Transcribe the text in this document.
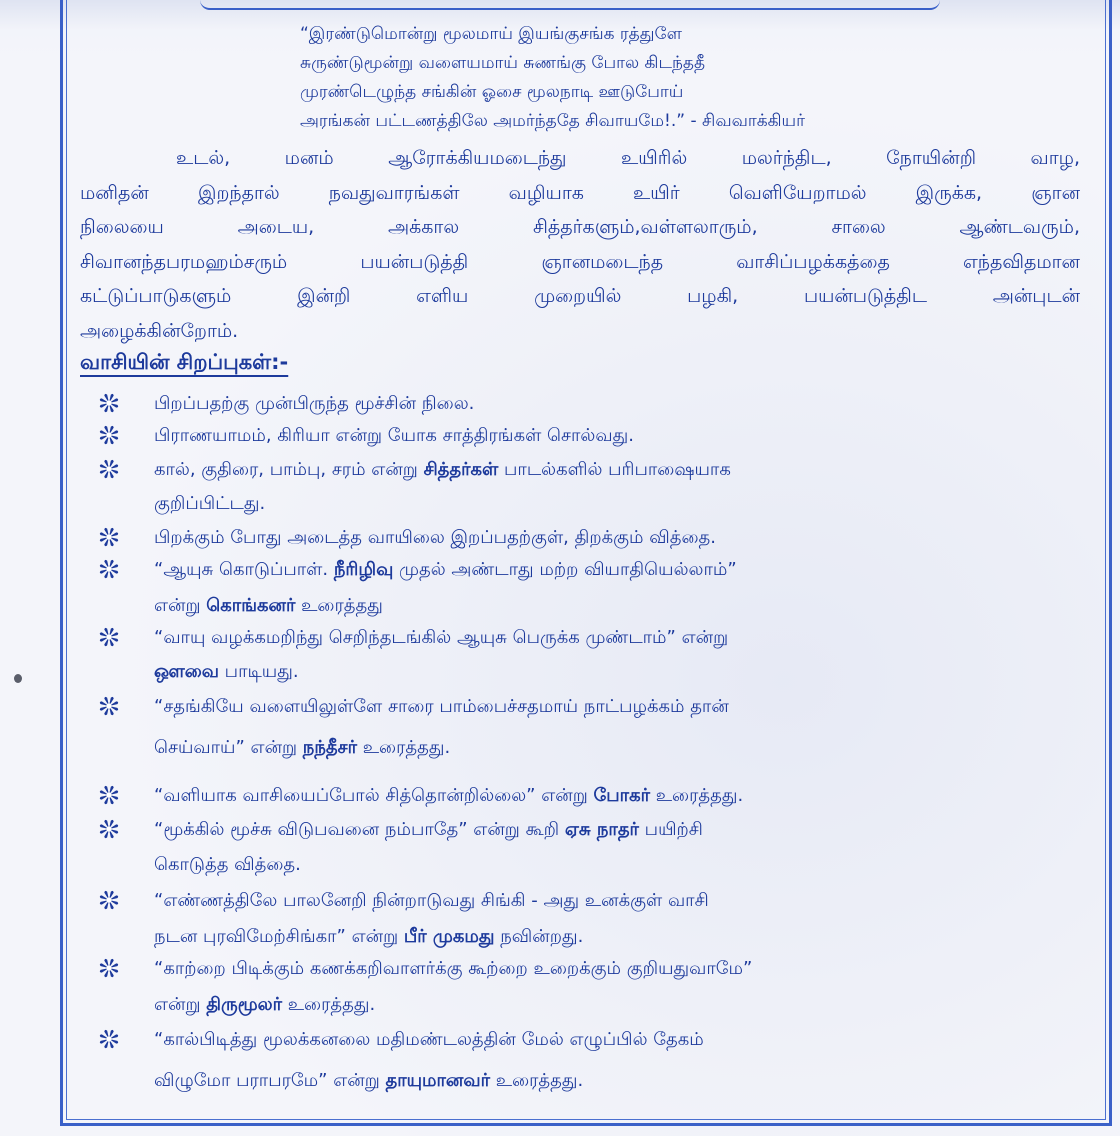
“இரண்டுமொன்று மூலமாய் இயங்குசங்க ரத்துளே
சுருண்டுமூன்று வளையமாய் சுணங்கு போல கிடந்ததீ
முரண்டெழுந்த சங்கின் ஓசை மூலநாடி ஊடுபோய்
அரங்கன் பட்டணத்திலே அமர்ந்ததே சிவாயமே!.” - சிவவாக்கியர்
உடல், மனம் ஆரோக்கியமடைந்து உயிரில் மலர்ந்திட, நோயின்றி வாழ,
மனிதன் இறந்தால் நவதுவாரங்கள் வழியாக உயிர் வெளியேறாமல் இருக்க, ஞான
நிலையை அடைய, அக்கால சித்தர்களும்,வள்ளலாரும், சாலை ஆண்டவரும்,
சிவானந்தபரமஹம்சரும் பயன்படுத்தி ஞானமடைந்த வாசிப்பழக்கத்தை எந்தவிதமான
கட்டுப்பாடுகளும் இன்றி எளிய முறையில் பழகி, பயன்படுத்திட அன்புடன்
அழைக்கின்றோம்.
வாசியின் சிறப்புகள்:-
பிறப்பதற்கு முன்பிருந்த மூச்சின் நிலை.
பிராணயாமம், கிரியா என்று யோக சாத்திரங்கள் சொல்வது.
கால், குதிரை, பாம்பு, சரம் என்று சித்தர்கள் பாடல்களில் பரிபாஷையாக
குறிப்பிட்டது.
பிறக்கும் போது அடைத்த வாயிலை இறப்பதற்குள், திறக்கும் வித்தை.
“ஆயுசு கொடுப்பாள். நீரிழிவு முதல் அண்டாது மற்ற வியாதியெல்லாம்”
என்று கொங்கனர் உரைத்தது
“வாயு வழக்கமறிந்து செறிந்தடங்கில் ஆயுசு பெருக்க முண்டாம்” என்று
ஔவை பாடியது.
“சதங்கியே வளையிலுள்ளே சாரை பாம்பைச்சதமாய் நாட்பழக்கம் தான்
செய்வாய்” என்று நந்தீசர் உரைத்தது.
“வளியாக வாசியைப்போல் சித்தொன்றில்லை” என்று போகர் உரைத்தது.
“மூக்கில் மூச்சு விடுபவனை நம்பாதே” என்று கூறி ஏசு நாதர் பயிற்சி
கொடுத்த வித்தை.
“எண்ணத்திலே பாலனேறி நின்றாடுவது சிங்கி - அது உனக்குள் வாசி
நடன புரவிமேற்சிங்கா” என்று பீர் முகமது நவின்றது.
“காற்றை பிடிக்கும் கணக்கறிவாளர்க்கு கூற்றை உறைக்கும் குறியதுவாமே”
என்று திருமூலர் உரைத்தது.
“கால்பிடித்து மூலக்கனலை மதிமண்டலத்தின் மேல் எழுப்பில் தேகம்
விழுமோ பராபரமே” என்று தாயுமானவர் உரைத்தது.
